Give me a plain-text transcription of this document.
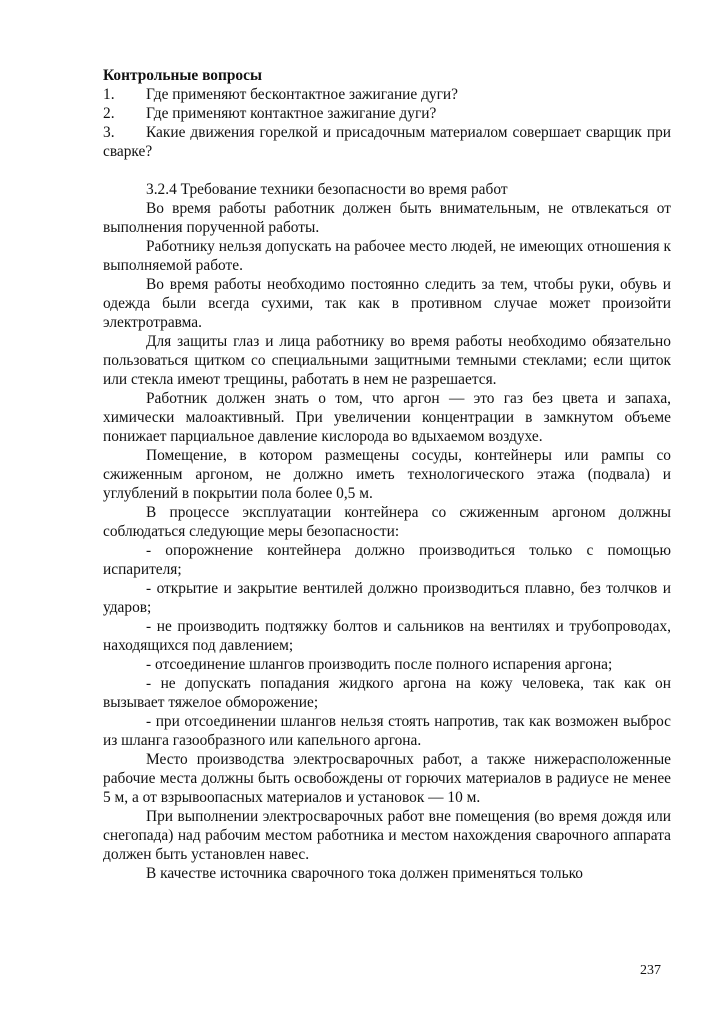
Контрольные вопросы
1.	Где применяют бесконтактное зажигание дуги?
2.	Где применяют контактное зажигание дуги?
3. Какие движения горелкой и присадочным материалом совершает сварщик при сварке?
3.2.4 Требование техники безопасности во время работ

Во время работы работник должен быть внимательным, не отвлекаться от выполнения порученной работы.

Работнику нельзя допускать на рабочее место людей, не имеющих отношения к выполняемой работе.

Во время работы необходимо постоянно следить за тем, чтобы руки, обувь и одежда были всегда сухими, так как в противном случае может произойти электротравма.

Для защиты глаз и лица работнику во время работы необходимо обязательно пользоваться щитком со специальными защитными темными стеклами; если щиток или стекла имеют трещины, работать в нем не разрешается.

Работник должен знать о том, что аргон — это газ без цвета и запаха, химически малоактивный. При увеличении концентрации в замкнутом объеме понижает парциальное давление кислорода во вдыхаемом воздухе.

Помещение, в котором размещены сосуды, контейнеры или рампы со сжиженным аргоном, не должно иметь технологического этажа (подвала) и углублений в покрытии пола более 0,5 м.

В процессе эксплуатации контейнера со сжиженным аргоном должны соблюдаться следующие меры безопасности:

- опорожнение контейнера должно производиться только с помощью испарителя;

- открытие и закрытие вентилей должно производиться плавно, без толчков и ударов;

- не производить подтяжку болтов и сальников на вентилях и трубопроводах, находящихся под давлением;

- отсоединение шлангов производить после полного испарения аргона;

- не допускать попадания жидкого аргона на кожу человека, так как он вызывает тяжелое обморожение;

- при отсоединении шлангов нельзя стоять напротив, так как возможен выброс из шланга газообразного или капельного аргона.

Место производства электросварочных работ, а также нижерасположенные рабочие места должны быть освобождены от горючих материалов в радиусе не менее 5 м, а от взрывоопасных материалов и установок — 10 м.

При выполнении электросварочных работ вне помещения (во время дождя или снегопада) над рабочим местом работника и местом нахождения сварочного аппарата должен быть установлен навес.

В качестве источника сварочного тока должен применяться только

237
